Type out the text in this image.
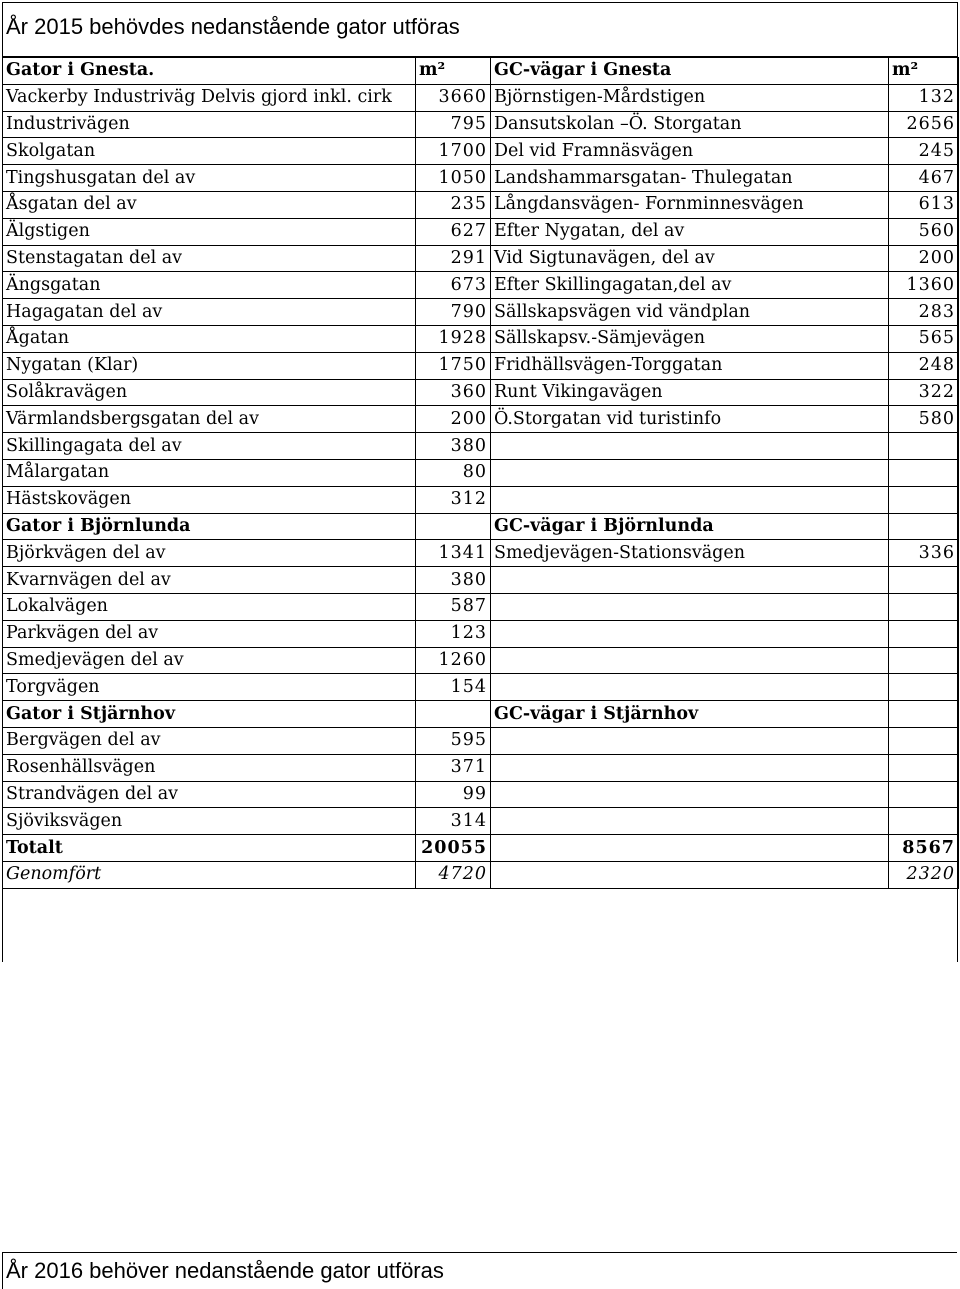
År 2015 behövdes nedanstående gator utföras
Gator i Gnesta.	m²	GC-vägar i Gnesta	m²
Vackerby Industriväg Delvis gjord inkl. cirk	3660	Björnstigen-Mårdstigen	132
Industrivägen	795	Dansutskolan –Ö. Storgatan	2656
Skolgatan	1700	Del vid Framnäsvägen	245
Tingshusgatan del av	1050	Landshammarsgatan- Thulegatan	467
Åsgatan del av	235	Långdansvägen- Fornminnesvägen	613
Älgstigen	627	Efter Nygatan, del av	560
Stenstagatan del av	291	Vid Sigtunavägen, del av	200
Ängsgatan	673	Efter Skillingagatan,del av	1360
Hagagatan del av	790	Sällskapsvägen vid vändplan	283
Ågatan	1928	Sällskapsv.-Sämjevägen	565
Nygatan (Klar)	1750	Fridhällsvägen-Torggatan	248
Solåkravägen	360	Runt Vikingavägen	322
Värmlandsbergsgatan del av	200	Ö.Storgatan vid turistinfo	580
Skillingagata del av	380		
Målargatan	80		
Hästskovägen	312		
Gator i Björnlunda		GC-vägar i Björnlunda	
Björkvägen del av	1341	Smedjevägen-Stationsvägen	336
Kvarnvägen del av	380		
Lokalvägen	587		
Parkvägen del av	123		
Smedjevägen del av	1260		
Torgvägen	154		
Gator i Stjärnhov		GC-vägar i Stjärnhov	
Bergvägen del av	595		
Rosenhällsvägen	371		
Strandvägen del av	99		
Sjöviksvägen	314		
Totalt	20055		8567
Genomfört	4720		2320
År 2016 behöver nedanstående gator utföras
